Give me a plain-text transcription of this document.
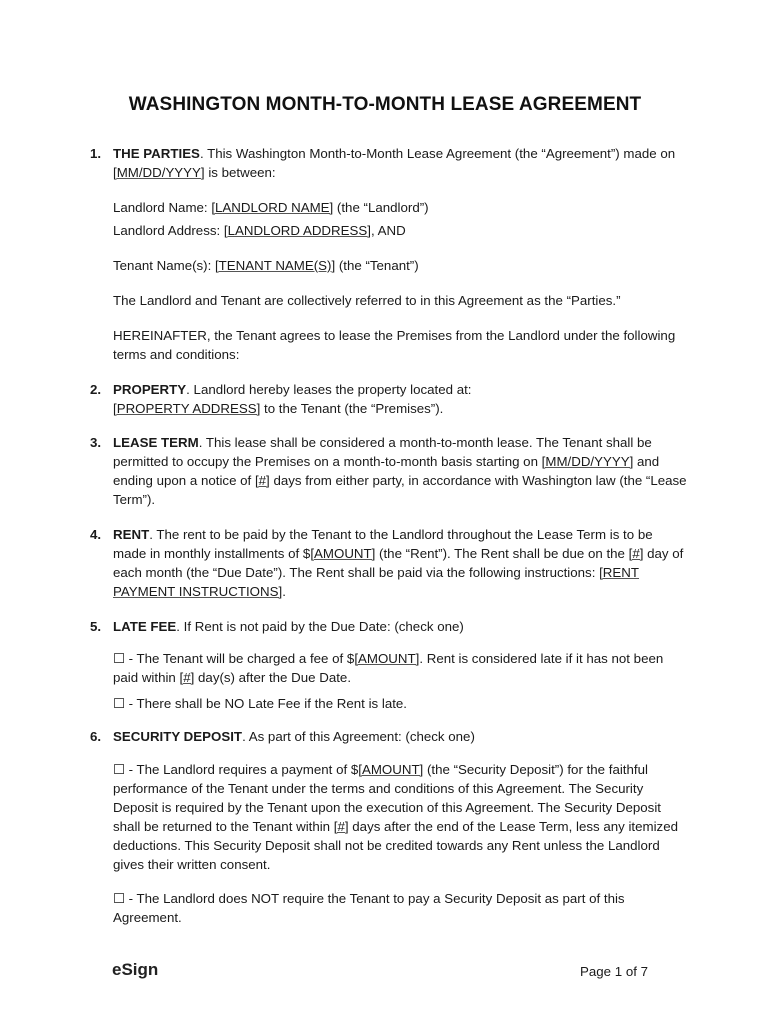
WASHINGTON MONTH-TO-MONTH LEASE AGREEMENT
1. THE PARTIES. This Washington Month-to-Month Lease Agreement (the “Agreement”) made on [MM/DD/YYYY] is between:
Landlord Name: [LANDLORD NAME] (the “Landlord”)
Landlord Address: [LANDLORD ADDRESS], AND
Tenant Name(s): [TENANT NAME(S)] (the “Tenant”)
The Landlord and Tenant are collectively referred to in this Agreement as the “Parties.”
HEREINAFTER, the Tenant agrees to lease the Premises from the Landlord under the following terms and conditions:
2. PROPERTY. Landlord hereby leases the property located at:
[PROPERTY ADDRESS] to the Tenant (the “Premises”).
3. LEASE TERM. This lease shall be considered a month-to-month lease. The Tenant shall be permitted to occupy the Premises on a month-to-month basis starting on [MM/DD/YYYY] and ending upon a notice of [#] days from either party, in accordance with Washington law (the “Lease Term”).
4. RENT. The rent to be paid by the Tenant to the Landlord throughout the Lease Term is to be made in monthly installments of $[AMOUNT] (the “Rent”). The Rent shall be due on the [#] day of each month (the “Due Date”). The Rent shall be paid via the following instructions: [RENT PAYMENT INSTRUCTIONS].
5. LATE FEE. If Rent is not paid by the Due Date: (check one)
☐ - The Tenant will be charged a fee of $[AMOUNT]. Rent is considered late if it has not been paid within [#] day(s) after the Due Date.
☐ - There shall be NO Late Fee if the Rent is late.
6. SECURITY DEPOSIT. As part of this Agreement: (check one)
☐ - The Landlord requires a payment of $[AMOUNT] (the “Security Deposit”) for the faithful performance of the Tenant under the terms and conditions of this Agreement. The Security Deposit is required by the Tenant upon the execution of this Agreement. The Security Deposit shall be returned to the Tenant within [#] days after the end of the Lease Term, less any itemized deductions. This Security Deposit shall not be credited towards any Rent unless the Landlord gives their written consent.
☐ - The Landlord does NOT require the Tenant to pay a Security Deposit as part of this Agreement.
eSign	Page 1 of 7
